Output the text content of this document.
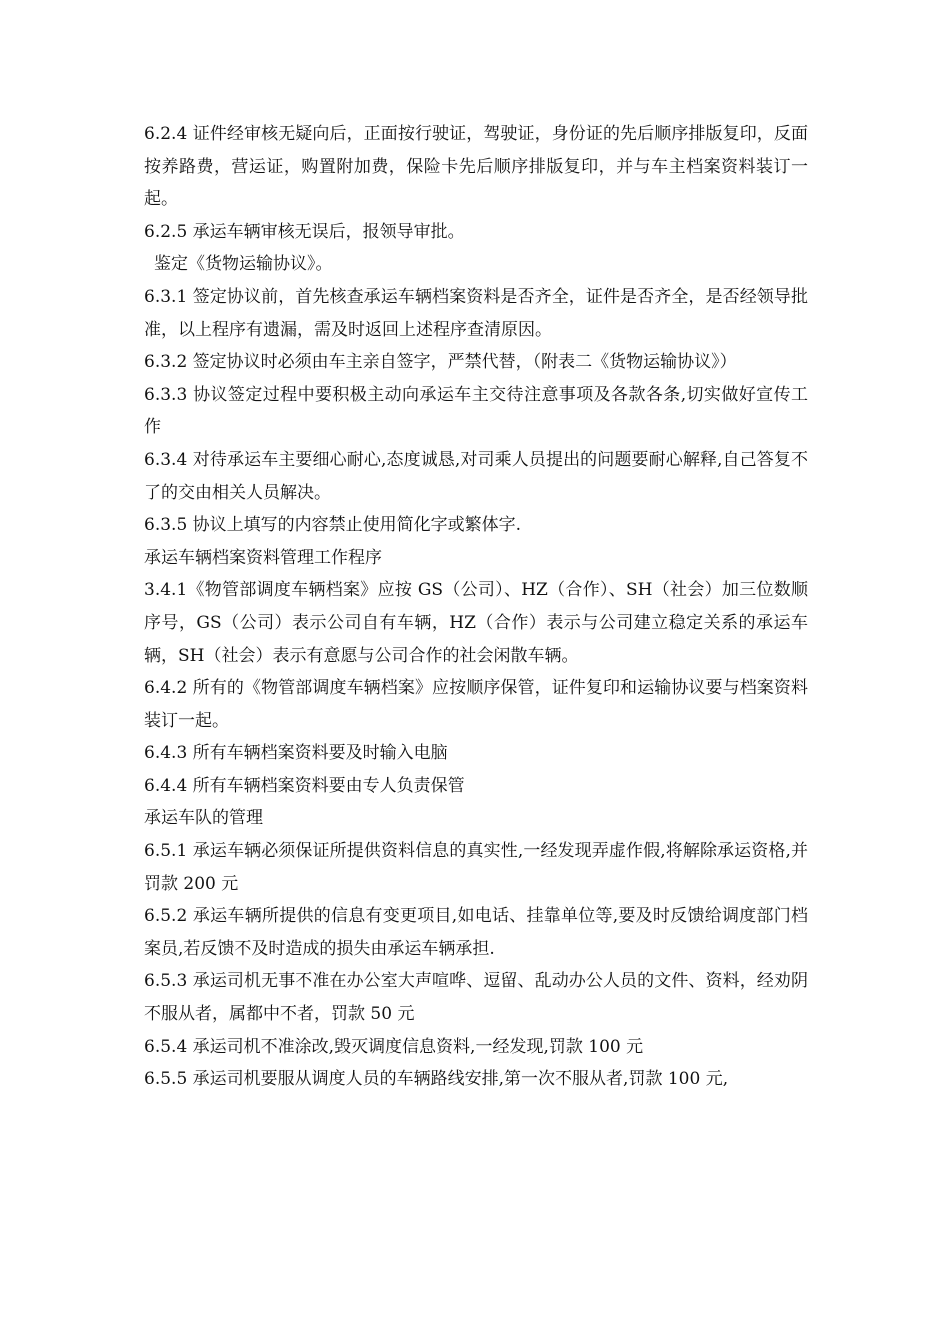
6.2.4 证件经审核无疑向后，正面按行驶证，驾驶证，身份证的先后顺序排版复印，反面按养路费，营运证，购置附加费，保险卡先后顺序排版复印，并与车主档案资料装订一起。

6.2.5 承运车辆审核无误后，报领导审批。

鉴定《货物运输协议》。

6.3.1 签定协议前，首先核查承运车辆档案资料是否齐全，证件是否齐全，是否经领导批准，以上程序有遗漏，需及时返回上述程序查清原因。

6.3.2 签定协议时必须由车主亲自签字，严禁代替，（附表二《货物运输协议》）

6.3.3 协议签定过程中要积极主动向承运车主交待注意事项及各款各条,切实做好宣传工作

6.3.4 对待承运车主要细心耐心,态度诚恳,对司乘人员提出的问题要耐心解释,自己答复不了的交由相关人员解决。

6.3.5 协议上填写的内容禁止使用简化字或繁体字.

承运车辆档案资料管理工作程序

3.4.1《物管部调度车辆档案》应按 GS（公司）、HZ（合作）、SH（社会）加三位数顺序号，GS（公司）表示公司自有车辆，HZ（合作）表示与公司建立稳定关系的承运车辆，SH（社会）表示有意愿与公司合作的社会闲散车辆。

6.4.2 所有的《物管部调度车辆档案》应按顺序保管，证件复印和运输协议要与档案资料装订一起。

6.4.3 所有车辆档案资料要及时输入电脑

6.4.4 所有车辆档案资料要由专人负责保管

承运车队的管理

6.5.1 承运车辆必须保证所提供资料信息的真实性,一经发现弄虚作假,将解除承运资格,并罚款 200 元

6.5.2 承运车辆所提供的信息有变更项目,如电话、挂靠单位等,要及时反馈给调度部门档案员,若反馈不及时造成的损失由承运车辆承担.

6.5.3 承运司机无事不准在办公室大声喧哗、逗留、乱动办公人员的文件、资料，经劝阴不服从者，属都中不者，罚款 50 元

6.5.4 承运司机不准涂改,毁灭调度信息资料,一经发现,罚款 100 元

6.5.5 承运司机要服从调度人员的车辆路线安排,第一次不服从者,罚款 100 元,
